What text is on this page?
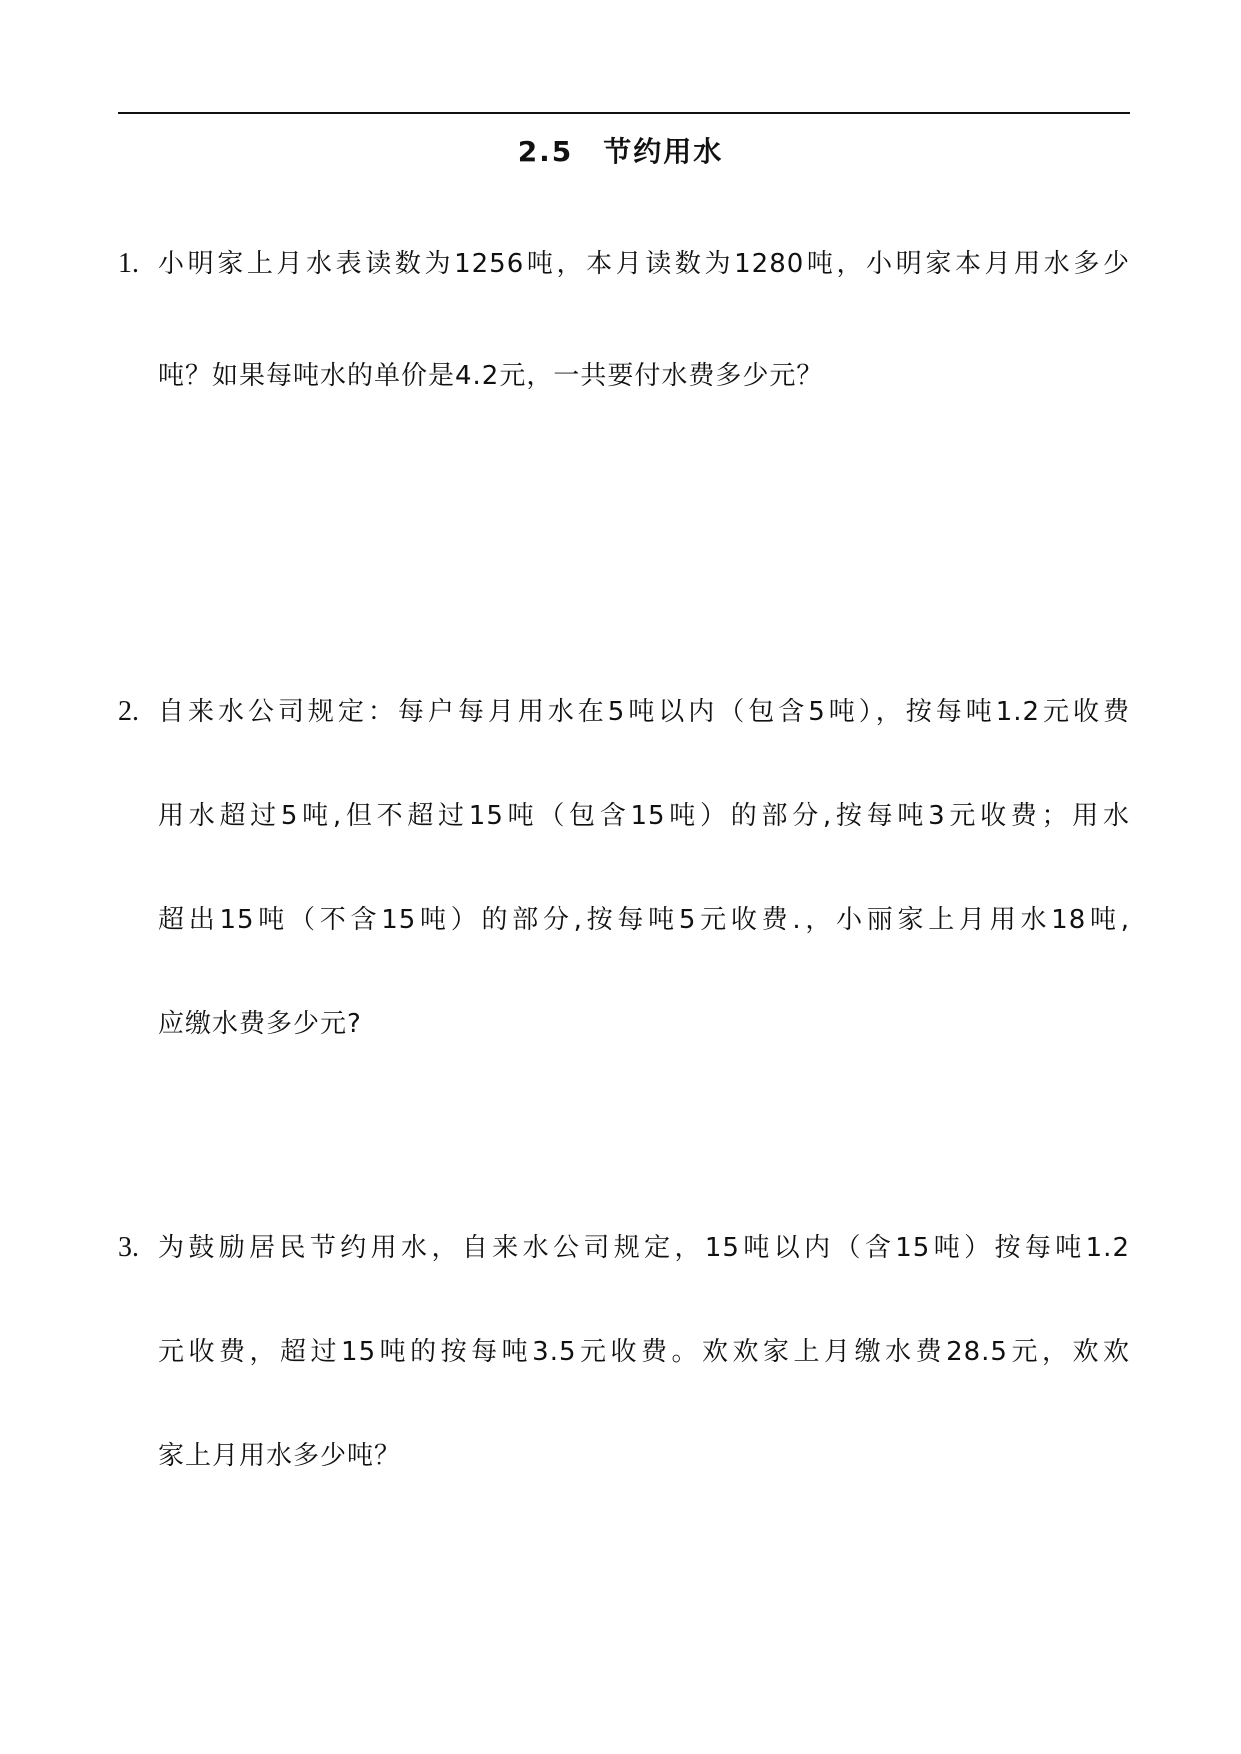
2.5　节约用水
1. 小明家上月水表读数为1256吨，本月读数为1280吨，小明家本月用水多少
吨？如果每吨水的单价是4.2元，一共要付水费多少元？
2. 自来水公司规定：每户每月用水在5吨以内（包含5吨），按每吨1.2元收费
用水超过5吨,但不超过15吨（包含15吨）的部分,按每吨3元收费；用水
超出15吨（不含15吨）的部分,按每吨5元收费.，小丽家上月用水18吨,
应缴水费多少元?
3. 为鼓励居民节约用水，自来水公司规定，15吨以内（含15吨）按每吨1.2
元收费，超过15吨的按每吨3.5元收费。欢欢家上月缴水费28.5元，欢欢
家上月用水多少吨？
